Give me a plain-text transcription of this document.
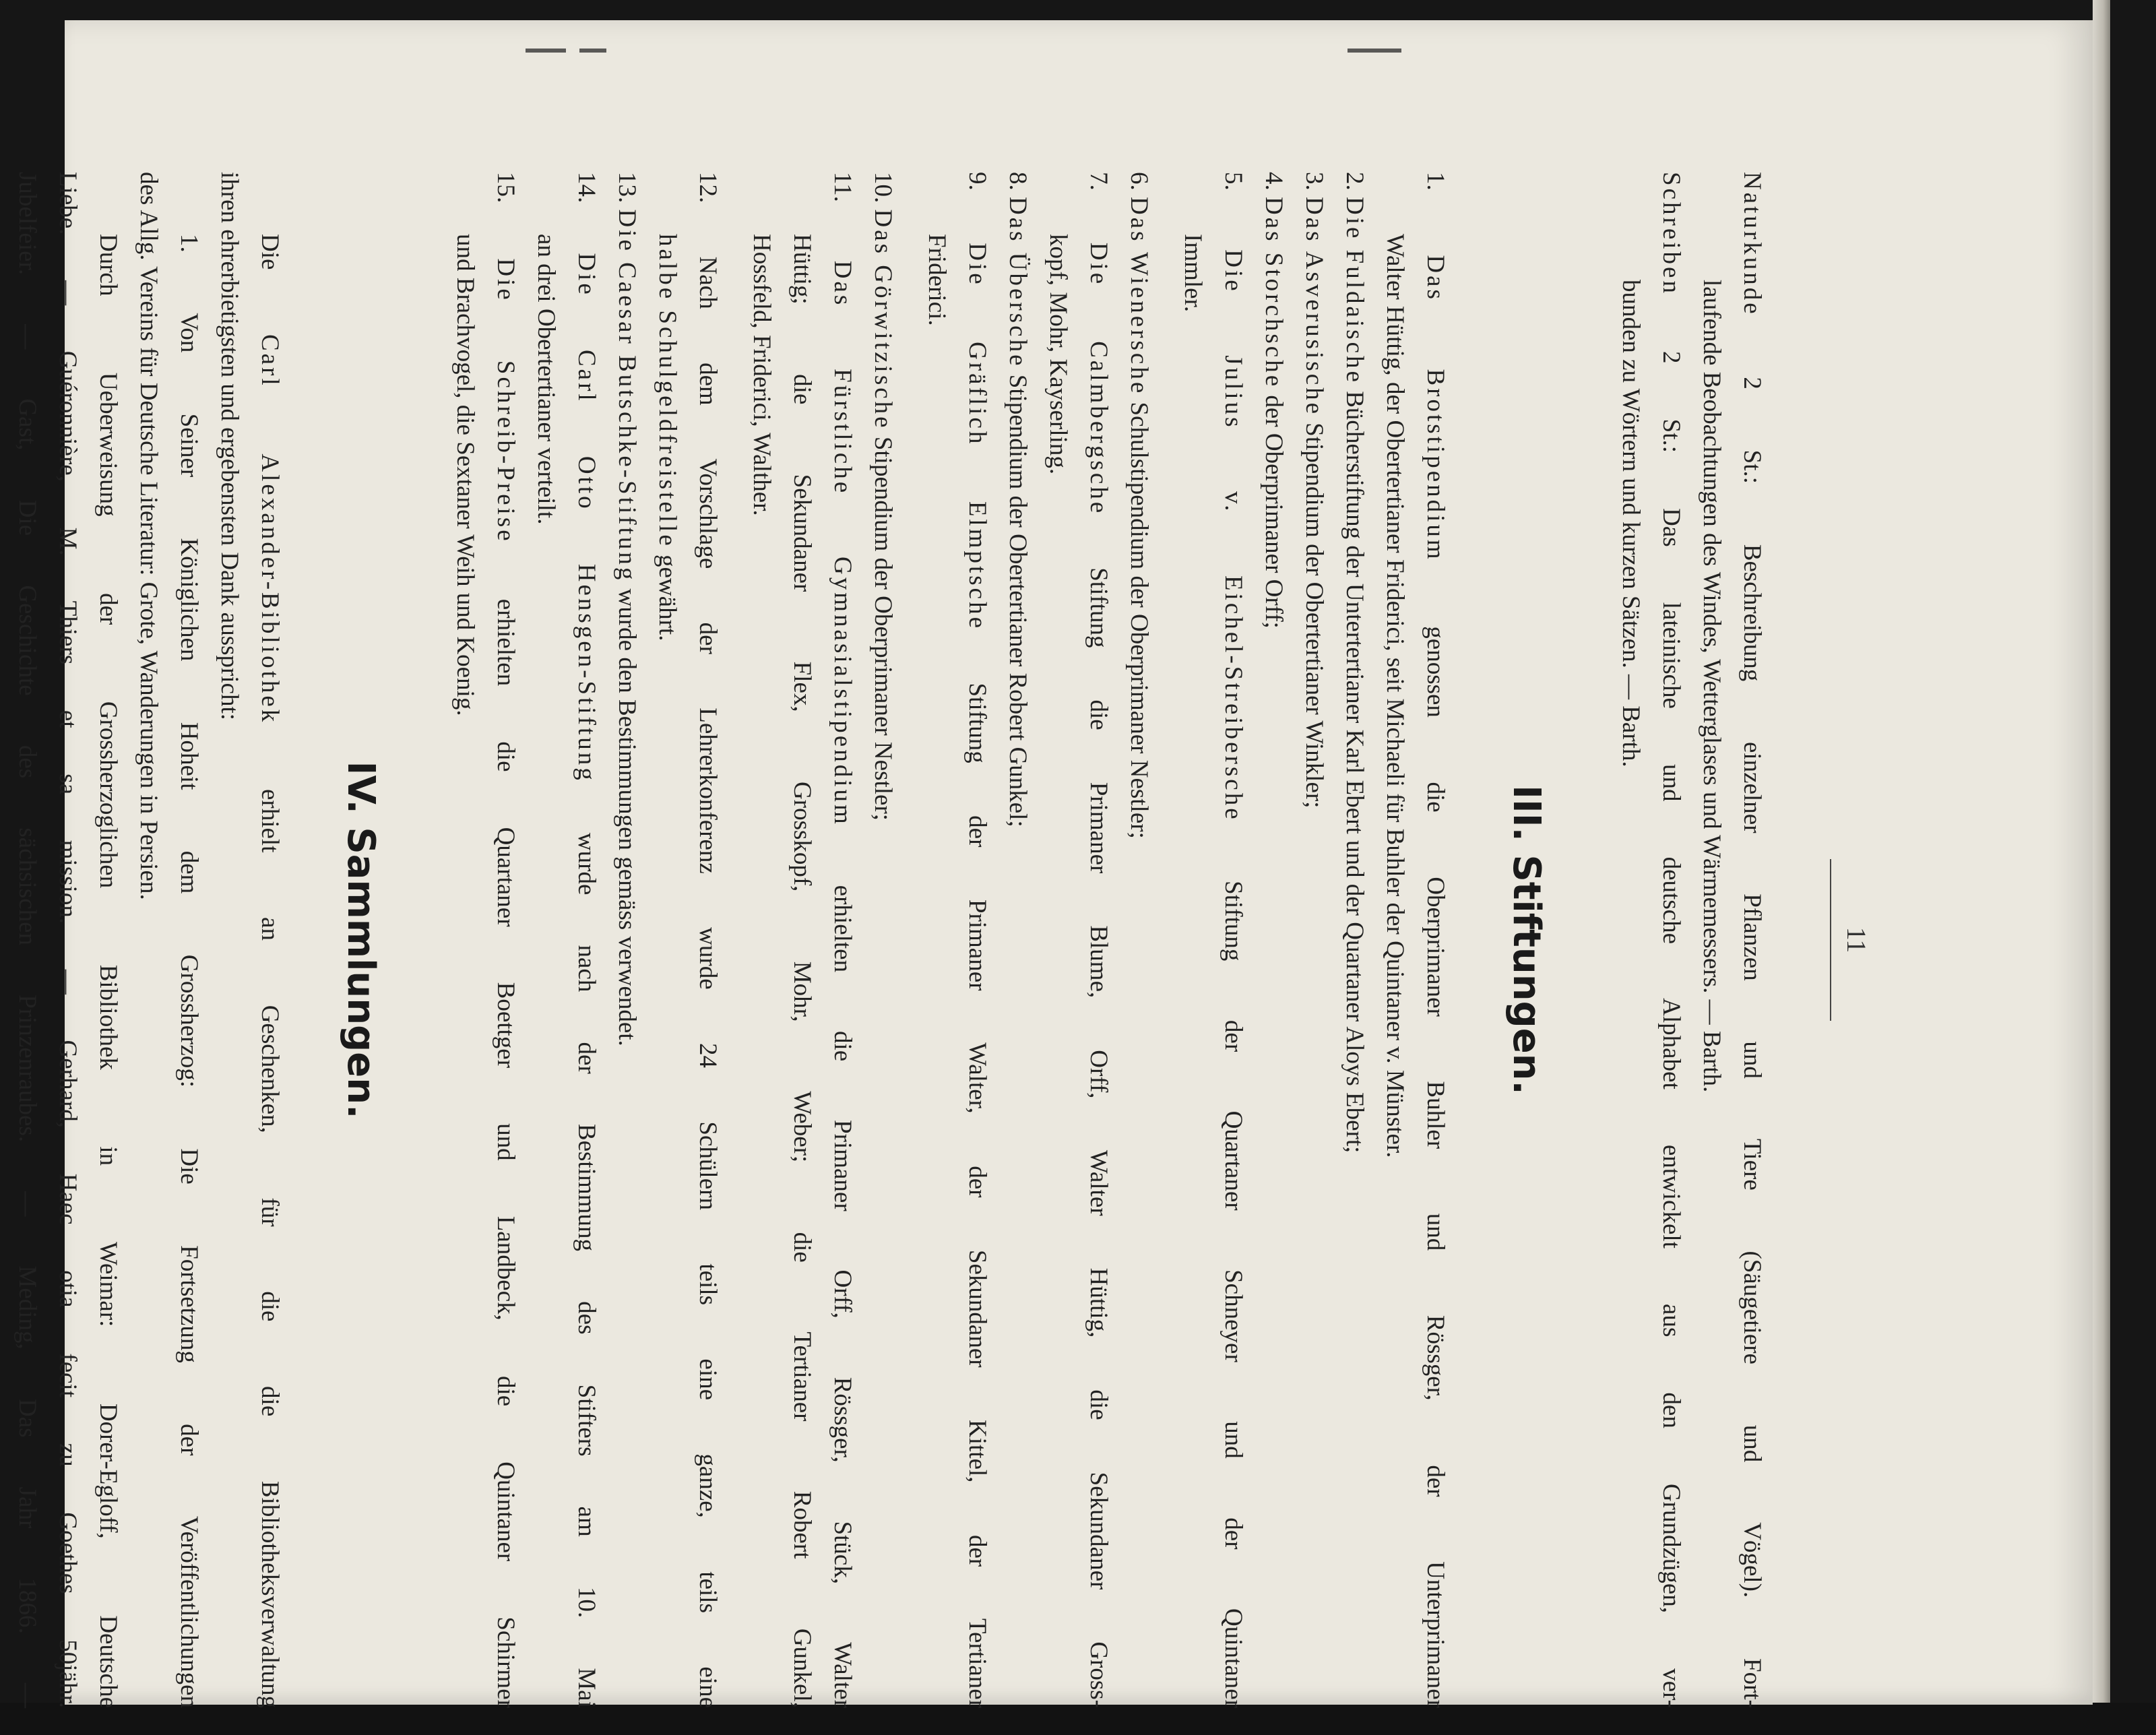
11
Naturkunde 2 St.: Beschreibung einzelner Pflanzen und Tiere (Säugetiere und Vögel). Fort-
laufende Beobachtungen des Windes, Wetterglases und Wärmemessers. — Barth.
Schreiben 2 St.: Das lateinische und deutsche Alphabet entwickelt aus den Grundzügen, ver-
bunden zu Wörtern und kurzen Sätzen. — Barth.
III. Stiftungen.
1. Das Brotstipendium genossen die Oberprimaner Buhler und Rössger, der Unterprimaner
Walter Hüttig, der Obertertianer Friderici, seit Michaeli für Buhler der Quintaner v. Münster.
2. Die Fuldaische Bücherstiftung der Untertertianer Karl Ebert und der Quartaner Aloys Ebert;
3. Das Asverusische Stipendium der Obertertianer Winkler;
4. Das Storchsche der Oberprimaner Orff;
5. Die Julius v. Eichel-Streibersche Stiftung der Quartaner Schneyer und der Quintaner
Immler.
6. Das Wienersche Schulstipendium der Oberprimaner Nestler;
7. Die Calmbergsche Stiftung die Primaner Blume, Orff, Walter Hüttig, die Sekundaner Gross-
kopf, Mohr, Kayserling.
8. Das Übersche Stipendium der Obertertianer Robert Gunkel;
9. Die Gräflich Elmptsche Stiftung der Primaner Walter, der Sekundaner Kittel, der Tertianer
Friderici.
10. Das Görwitzische Stipendium der Oberprimaner Nestler;
11. Das Fürstliche Gymnasialstipendium erhielten die Primaner Orff, Rössger, Stück, Walter
Hüttig; die Sekundaner Flex, Grosskopf, Mohr, Weber; die Tertianer Robert Gunkel,
Hossfeld, Friderici, Walther.
12. Nach dem Vorschlage der Lehrerkonferenz wurde 24 Schülern teils eine ganze, teils eine
halbe Schulgeldfreistelle gewährt.
13. Die Caesar Butschke-Stiftung wurde den Bestimmungen gemäss verwendet.
14. Die Carl Otto Hensgen-Stiftung wurde nach der Bestimmung des Stifters am 10. Mai
an drei Obertertianer verteilt.
15. Die Schreib-Preise erhielten die Quartaner Boettger und Landbeck, die Quintaner Schirmer
und Brachvogel, die Sextaner Weih und Koenig.
IV. Sammlungen.
Die Carl Alexander-Bibliothek erhielt an Geschenken, für die die Bibliotheksverwaltung
ihren ehrerbietigsten und ergebensten Dank ausspricht:
1. Von Seiner Königlichen Hoheit dem Grossherzog: Die Fortsetzung der Veröffentlichungen
des Allg. Vereins für Deutsche Literatur: Grote, Wanderungen in Persien.
Durch Ueberweisung der Grossherzoglichen Bibliothek in Weimar: Dorer-Egloff, Deutsche
Liebe. — Guéronnière, M. Thiers et sa mission. — Gerhard, Haec otia fecit zu Goethes 50jähr.
Jubelfeier. — Gast, Die Geschichte des sächsischen Prinzenraubes. — Meding, Das Jahr 1866. —
